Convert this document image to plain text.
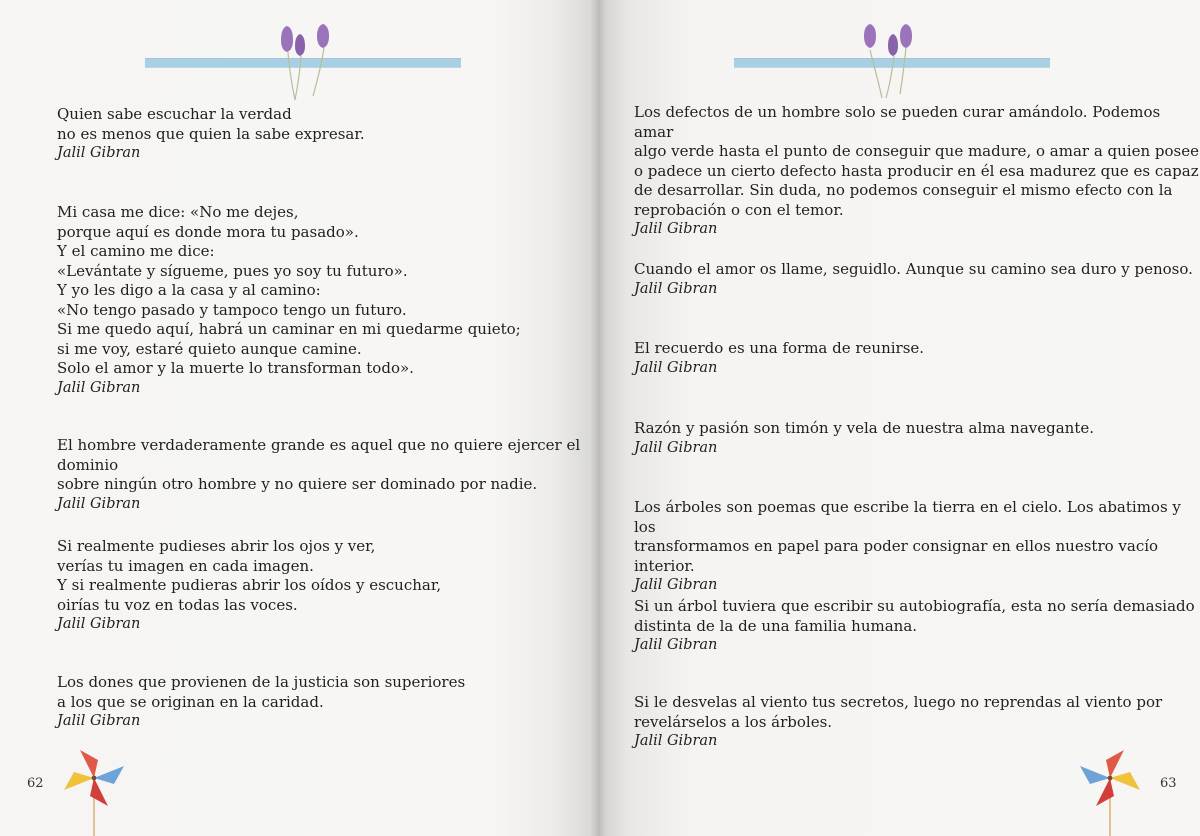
Quien sabe escuchar la verdad
no es menos que quien la sabe expresar.
Jalil Gibran
Mi casa me dice: «No me dejes,
porque aquí es donde mora tu pasado».
Y el camino me dice:
«Levántate y sígueme, pues yo soy tu futuro».
Y yo les digo a la casa y al camino:
«No tengo pasado y tampoco tengo un futuro.
Si me quedo aquí, habrá un caminar en mi quedarme quieto;
si me voy, estaré quieto aunque camine.
Solo el amor y la muerte lo transforman todo».
Jalil Gibran
El hombre verdaderamente grande es aquel que no quiere ejercer el dominio
sobre ningún otro hombre y no quiere ser dominado por nadie.
Jalil Gibran
Si realmente pudieses abrir los ojos y ver,
verías tu imagen en cada imagen.
Y si realmente pudieras abrir los oídos y escuchar,
oirías tu voz en todas las voces.
Jalil Gibran
Los dones que provienen de la justicia son superiores
a los que se originan en la caridad.
Jalil Gibran
62
Los defectos de un hombre solo se pueden curar amándolo. Podemos amar
algo verde hasta el punto de conseguir que madure, o amar a quien posee
o padece un cierto defecto hasta producir en él esa madurez que es capaz
de desarrollar. Sin duda, no podemos conseguir el mismo efecto con la
reprobación o con el temor.
Jalil Gibran
Cuando el amor os llame, seguidlo. Aunque su camino sea duro y penoso.
Jalil Gibran
El recuerdo es una forma de reunirse.
Jalil Gibran
Razón y pasión son timón y vela de nuestra alma navegante.
Jalil Gibran
Los árboles son poemas que escribe la tierra en el cielo. Los abatimos y los
transformamos en papel para poder consignar en ellos nuestro vacío interior.
Jalil Gibran
Si un árbol tuviera que escribir su autobiografía, esta no sería demasiado
distinta de la de una familia humana.
Jalil Gibran
Si le desvelas al viento tus secretos, luego no reprendas al viento por
revelárselos a los árboles.
Jalil Gibran
63
